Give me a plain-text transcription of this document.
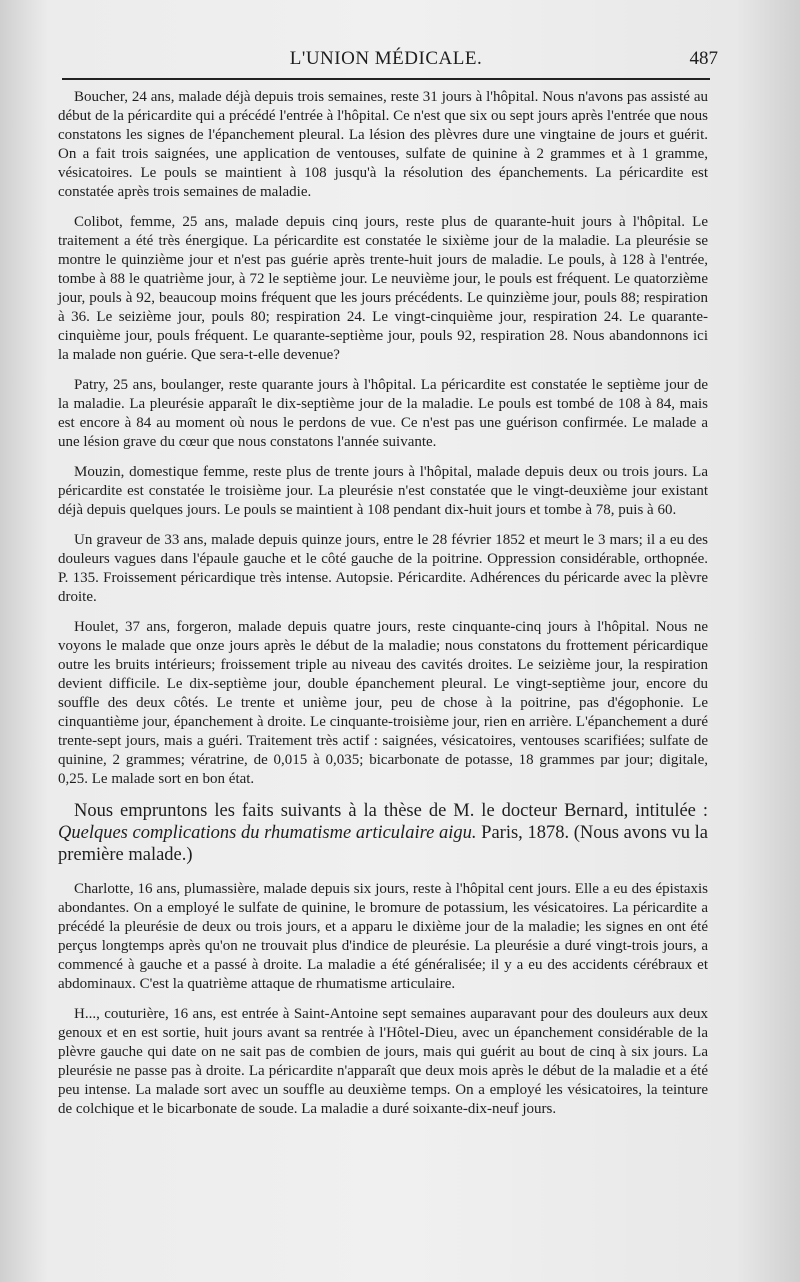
L'UNION MÉDICALE.	487

Boucher, 24 ans, malade déjà depuis trois semaines, reste 31 jours à l'hôpital. Nous n'avons pas assisté au début de la péricardite qui a précédé l'entrée à l'hôpital. Ce n'est que six ou sept jours après l'entrée que nous constatons les signes de l'épanchement pleural. La lésion des plèvres dure une vingtaine de jours et guérit. On a fait trois saignées, une application de ventouses, sulfate de quinine à 2 grammes et à 1 gramme, vésicatoires. Le pouls se maintient à 108 jusqu'à la résolution des épanchements. La péricardite est constatée après trois semaines de maladie.

Colibot, femme, 25 ans, malade depuis cinq jours, reste plus de quarante-huit jours à l'hôpital. Le traitement a été très énergique. La péricardite est constatée le sixième jour de la maladie. La pleurésie se montre le quinzième jour et n'est pas guérie après trente-huit jours de maladie. Le pouls, à 128 à l'entrée, tombe à 88 le quatrième jour, à 72 le septième jour. Le neuvième jour, le pouls est fréquent. Le quatorzième jour, pouls à 92, beaucoup moins fréquent que les jours précédents. Le quinzième jour, pouls 88; respiration à 36. Le seizième jour, pouls 80; respiration 24. Le vingt-cinquième jour, respiration 24. Le quarante-cinquième jour, pouls fréquent. Le quarante-septième jour, pouls 92, respiration 28. Nous abandonnons ici la malade non guérie. Que sera-t-elle devenue?

Patry, 25 ans, boulanger, reste quarante jours à l'hôpital. La péricardite est constatée le septième jour de la maladie. La pleurésie apparaît le dix-septième jour de la maladie. Le pouls est tombé de 108 à 84, mais est encore à 84 au moment où nous le perdons de vue. Ce n'est pas une guérison confirmée. Le malade a une lésion grave du cœur que nous constatons l'année suivante.

Mouzin, domestique femme, reste plus de trente jours à l'hôpital, malade depuis deux ou trois jours. La péricardite est constatée le troisième jour. La pleurésie n'est constatée que le vingt-deuxième jour existant déjà depuis quelques jours. Le pouls se maintient à 108 pendant dix-huit jours et tombe à 78, puis à 60.

Un graveur de 33 ans, malade depuis quinze jours, entre le 28 février 1852 et meurt le 3 mars; il a eu des douleurs vagues dans l'épaule gauche et le côté gauche de la poitrine. Oppression considérable, orthopnée. P. 135. Froissement péricardique très intense. Autopsie. Péricardite. Adhérences du péricarde avec la plèvre droite.

Houlet, 37 ans, forgeron, malade depuis quatre jours, reste cinquante-cinq jours à l'hôpital. Nous ne voyons le malade que onze jours après le début de la maladie; nous constatons du frottement péricardique outre les bruits intérieurs; froissement triple au niveau des cavités droites. Le seizième jour, la respiration devient difficile. Le dix-septième jour, double épanchement pleural. Le vingt-septième jour, encore du souffle des deux côtés. Le trente et unième jour, peu de chose à la poitrine, pas d'égophonie. Le cinquantième jour, épanchement à droite. Le cinquante-troisième jour, rien en arrière. L'épanchement a duré trente-sept jours, mais a guéri. Traitement très actif : saignées, vésicatoires, ventouses scarifiées; sulfate de quinine, 2 grammes; vératrine, de 0,015 à 0,035; bicarbonate de potasse, 18 grammes par jour; digitale, 0,25. Le malade sort en bon état.

Nous empruntons les faits suivants à la thèse de M. le docteur Bernard, intitulée : Quelques complications du rhumatisme articulaire aigu. Paris, 1878. (Nous avons vu la première malade.)

Charlotte, 16 ans, plumassière, malade depuis six jours, reste à l'hôpital cent jours. Elle a eu des épistaxis abondantes. On a employé le sulfate de quinine, le bromure de potassium, les vésicatoires. La péricardite a précédé la pleurésie de deux ou trois jours, et a apparu le dixième jour de la maladie; les signes en ont été perçus longtemps après qu'on ne trouvait plus d'indice de pleurésie. La pleurésie a duré vingt-trois jours, a commencé à gauche et a passé à droite. La maladie a été généralisée; il y a eu des accidents cérébraux et abdominaux. C'est la quatrième attaque de rhumatisme articulaire.

H..., couturière, 16 ans, est entrée à Saint-Antoine sept semaines auparavant pour des douleurs aux deux genoux et en est sortie, huit jours avant sa rentrée à l'Hôtel-Dieu, avec un épanchement considérable de la plèvre gauche qui date on ne sait pas de combien de jours, mais qui guérit au bout de cinq à six jours. La pleurésie ne passe pas à droite. La péricardite n'apparaît que deux mois après le début de la maladie et a été peu intense. La malade sort avec un souffle au deuxième temps. On a employé les vésicatoires, la teinture de colchique et le bicarbonate de soude. La maladie a duré soixante-dix-neuf jours.
